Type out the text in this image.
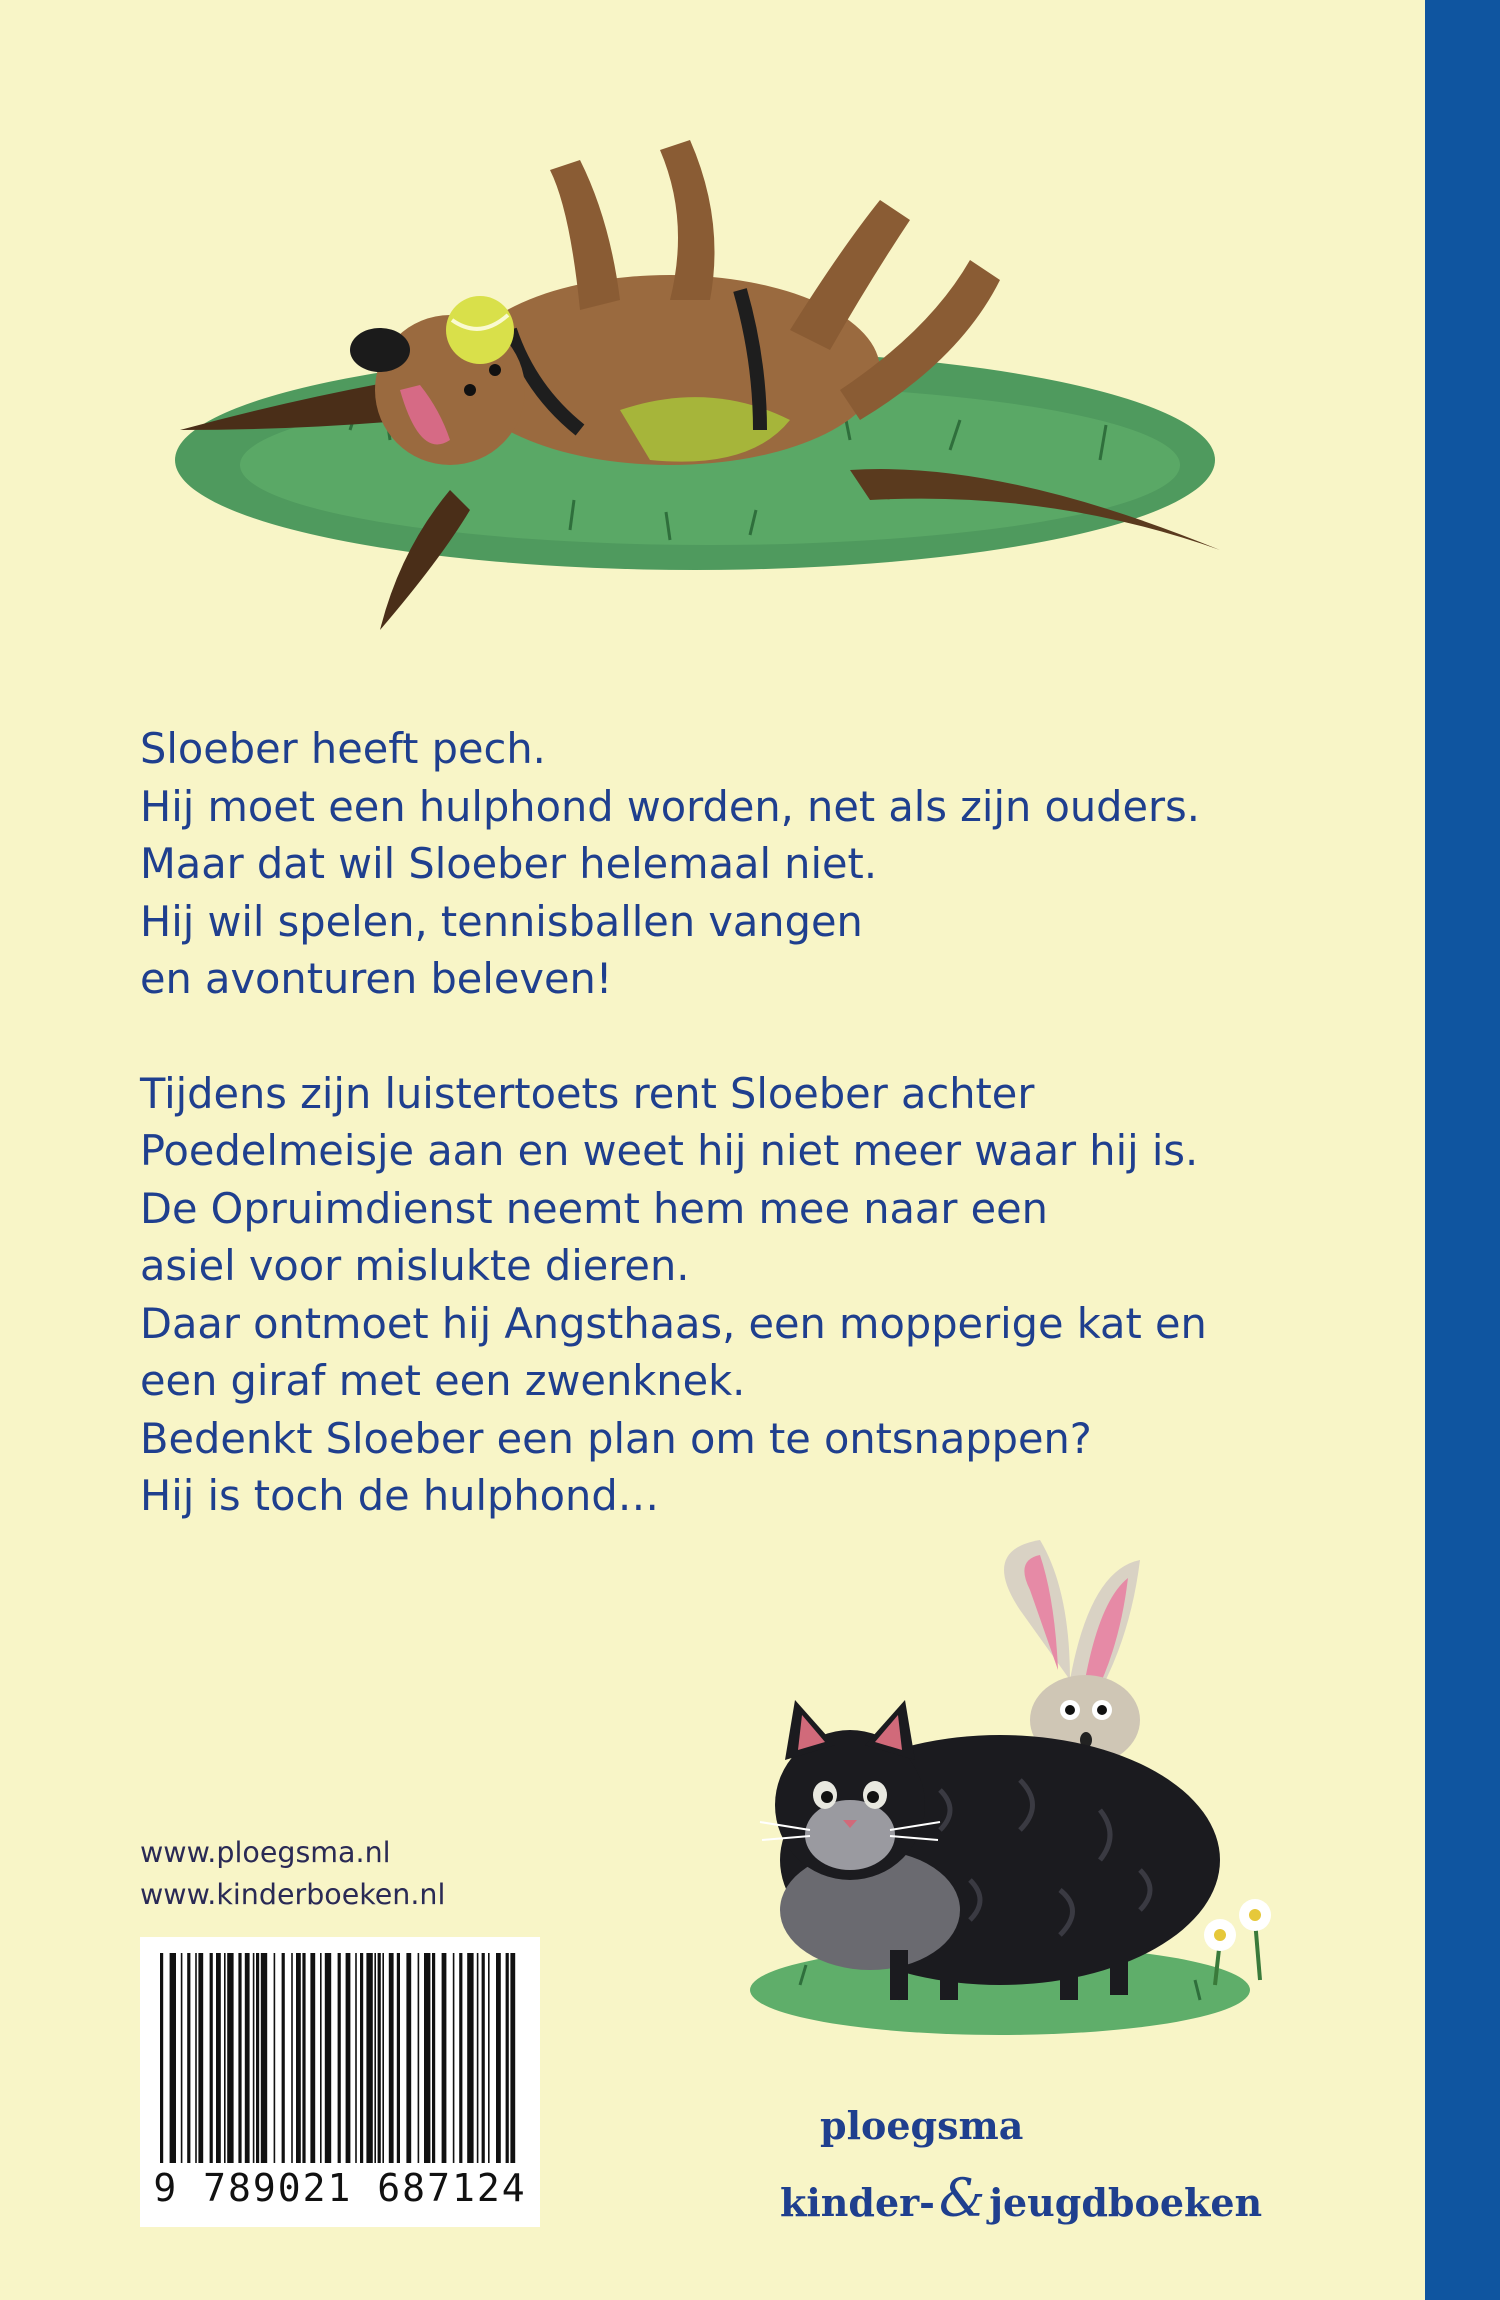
Sloeber heeft pech.
Hij moet een hulphond worden, net als zijn ouders.
Maar dat wil Sloeber helemaal niet.
Hij wil spelen, tennisballen vangen
en avonturen beleven!
Tijdens zijn luistertoets rent Sloeber achter
Poedelmeisje aan en weet hij niet meer waar hij is.
De Opruimdienst neemt hem mee naar een
asiel voor mislukte dieren.
Daar ontmoet hij Angsthaas, een mopperige kat en
een giraf met een zwenknek.
Bedenkt Sloeber een plan om te ontsnappen?
Hij is toch de hulphond…
www.ploegsma.nl
www.kinderboeken.nl
9 789021 687124
ploegsma
kinder-& jeugdboeken
